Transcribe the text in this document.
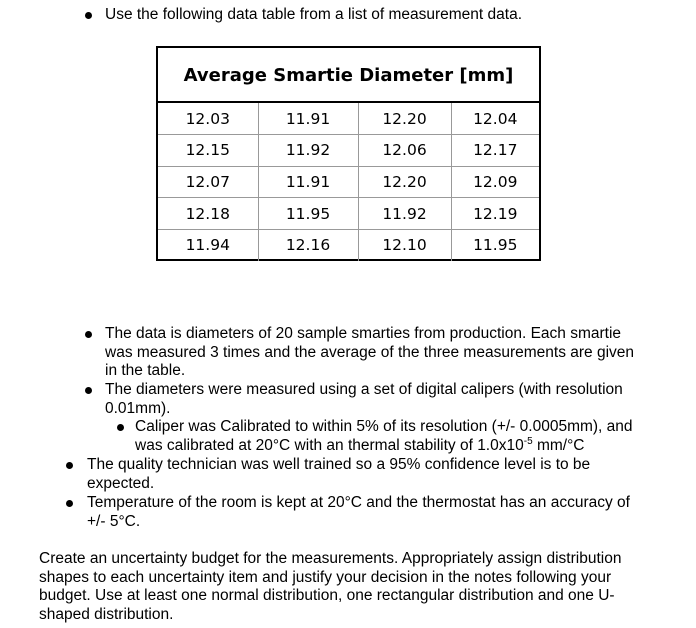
Use the following data table from a list of measurement data.
Average Smartie Diameter [mm]
12.03	11.91	12.20	12.04
12.15	11.92	12.06	12.17
12.07	11.91	12.20	12.09
12.18	11.95	11.92	12.19
11.94	12.16	12.10	11.95
The data is diameters of 20 sample smarties from production. Each smartie
was measured 3 times and the average of the three measurements are given
in the table.
The diameters were measured using a set of digital calipers (with resolution
0.01mm).
Caliper was Calibrated to within 5% of its resolution (+/- 0.0005mm), and
was calibrated at 20°C with an thermal stability of $1.0x10^{-5}$ mm/°C
The quality technician was well trained so a 95% confidence level is to be
expected.
Temperature of the room is kept at 20°C and the thermostat has an accuracy of
+/- 5°C.
Create an uncertainty budget for the measurements. Appropriately assign distribution
shapes to each uncertainty item and justify your decision in the notes following your
budget. Use at least one normal distribution, one rectangular distribution and one U-
shaped distribution.
